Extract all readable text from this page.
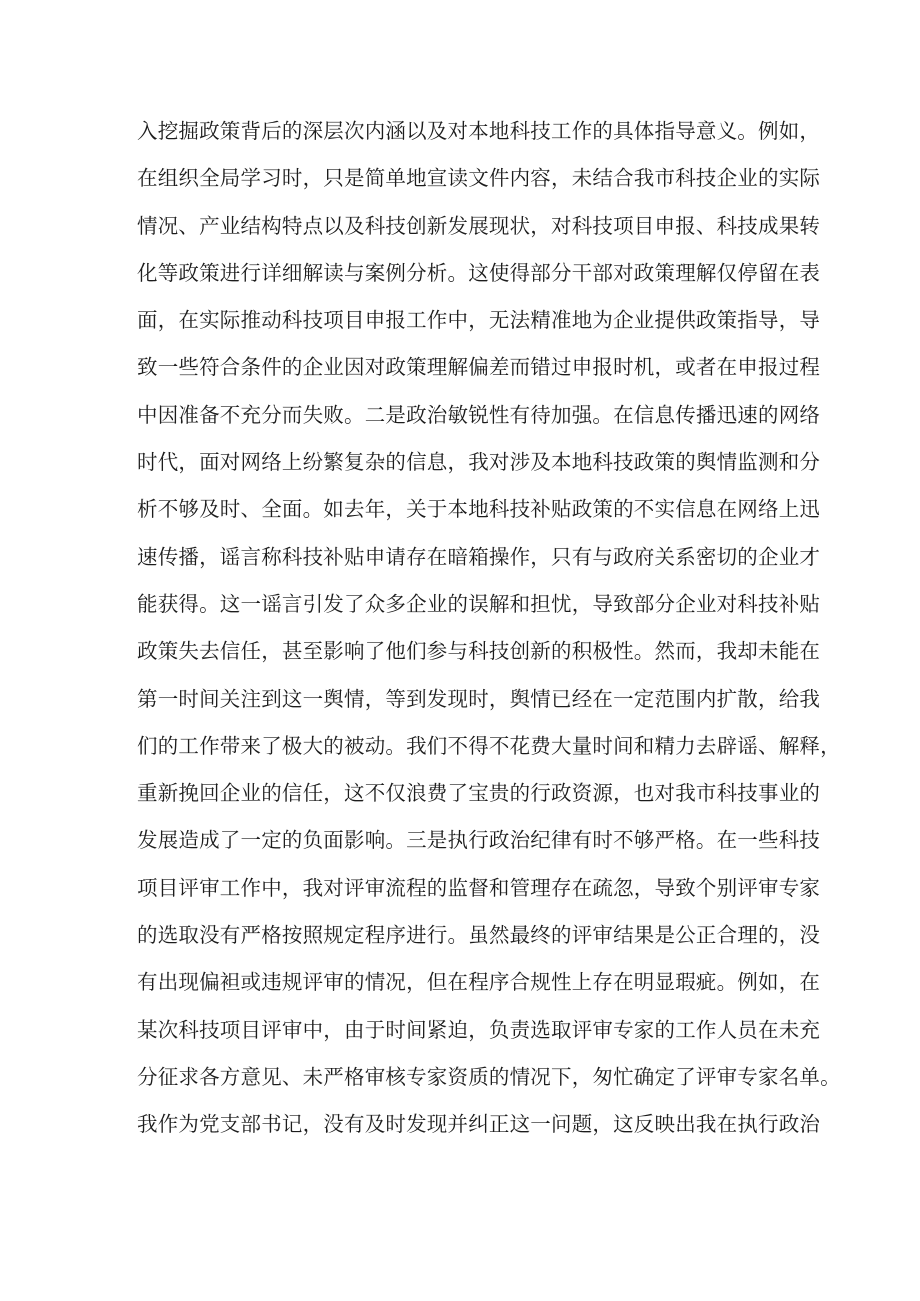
入挖掘政策背后的深层次内涵以及对本地科技工作的具体指导意义。例如，
在组织全局学习时，只是简单地宣读文件内容，未结合我市科技企业的实际
情况、产业结构特点以及科技创新发展现状，对科技项目申报、科技成果转
化等政策进行详细解读与案例分析。这使得部分干部对政策理解仅停留在表
面，在实际推动科技项目申报工作中，无法精准地为企业提供政策指导，导
致一些符合条件的企业因对政策理解偏差而错过申报时机，或者在申报过程
中因准备不充分而失败。二是政治敏锐性有待加强。在信息传播迅速的网络
时代，面对网络上纷繁复杂的信息，我对涉及本地科技政策的舆情监测和分
析不够及时、全面。如去年，关于本地科技补贴政策的不实信息在网络上迅
速传播，谣言称科技补贴申请存在暗箱操作，只有与政府关系密切的企业才
能获得。这一谣言引发了众多企业的误解和担忧，导致部分企业对科技补贴
政策失去信任，甚至影响了他们参与科技创新的积极性。然而，我却未能在
第一时间关注到这一舆情，等到发现时，舆情已经在一定范围内扩散，给我
们的工作带来了极大的被动。我们不得不花费大量时间和精力去辟谣、解释，
重新挽回企业的信任，这不仅浪费了宝贵的行政资源，也对我市科技事业的
发展造成了一定的负面影响。三是执行政治纪律有时不够严格。在一些科技
项目评审工作中，我对评审流程的监督和管理存在疏忽，导致个别评审专家
的选取没有严格按照规定程序进行。虽然最终的评审结果是公正合理的，没
有出现偏袒或违规评审的情况，但在程序合规性上存在明显瑕疵。例如，在
某次科技项目评审中，由于时间紧迫，负责选取评审专家的工作人员在未充
分征求各方意见、未严格审核专家资质的情况下，匆忙确定了评审专家名单。
我作为党支部书记，没有及时发现并纠正这一问题，这反映出我在执行政治
